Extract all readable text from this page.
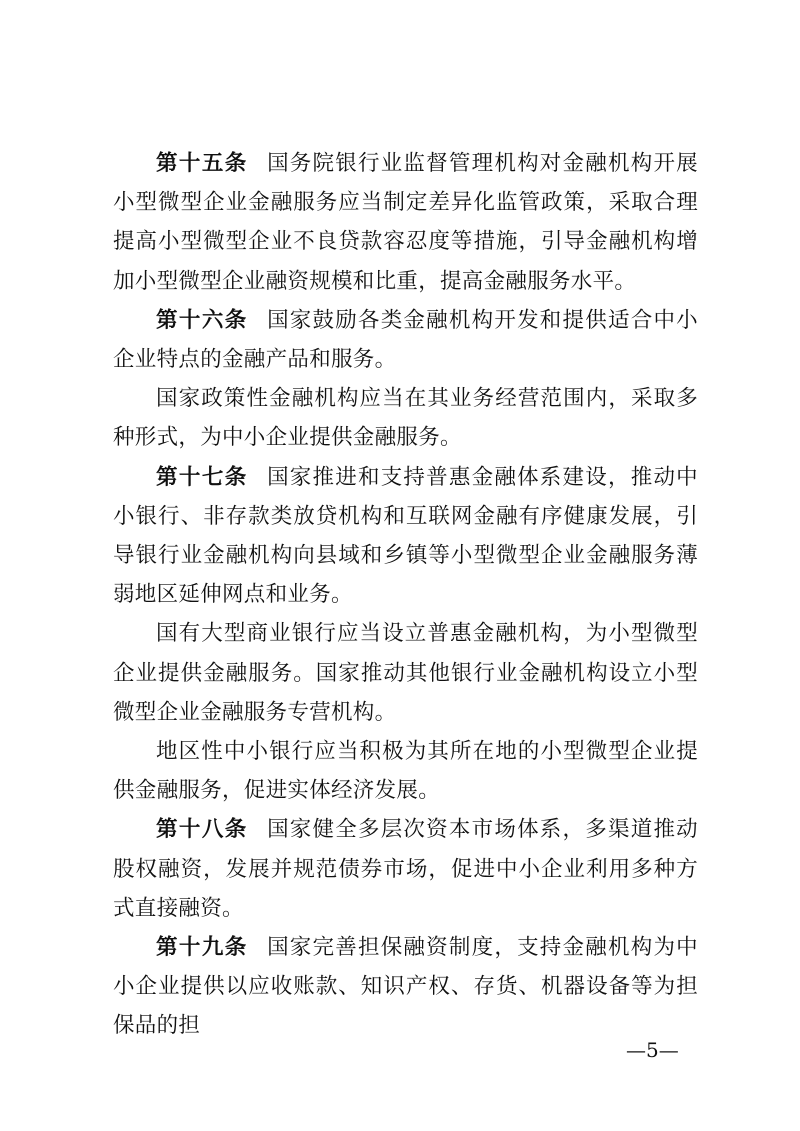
第十五条 国务院银行业监督管理机构对金融机构开展小型微型企业金融服务应当制定差异化监管政策，采取合理提高小型微型企业不良贷款容忍度等措施，引导金融机构增加小型微型企业融资规模和比重，提高金融服务水平。

第十六条 国家鼓励各类金融机构开发和提供适合中小企业特点的金融产品和服务。

国家政策性金融机构应当在其业务经营范围内，采取多种形式，为中小企业提供金融服务。

第十七条 国家推进和支持普惠金融体系建设，推动中小银行、非存款类放贷机构和互联网金融有序健康发展，引导银行业金融机构向县域和乡镇等小型微型企业金融服务薄弱地区延伸网点和业务。

国有大型商业银行应当设立普惠金融机构，为小型微型企业提供金融服务。国家推动其他银行业金融机构设立小型微型企业金融服务专营机构。

地区性中小银行应当积极为其所在地的小型微型企业提供金融服务，促进实体经济发展。

第十八条 国家健全多层次资本市场体系，多渠道推动股权融资，发展并规范债券市场，促进中小企业利用多种方式直接融资。

第十九条 国家完善担保融资制度，支持金融机构为中小企业提供以应收账款、知识产权、存货、机器设备等为担保品的担

—5—
